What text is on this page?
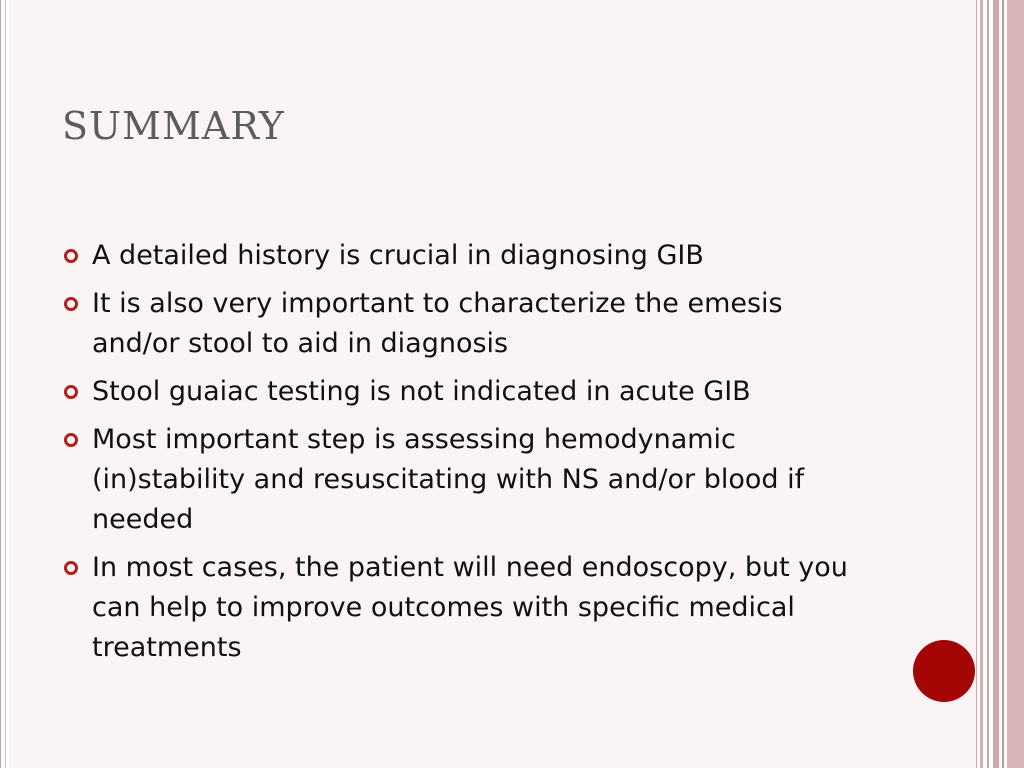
SUMMARY
A detailed history is crucial in diagnosing GIB
It is also very important to characterize the emesis and/or stool to aid in diagnosis
Stool guaiac testing is not indicated in acute GIB
Most important step is assessing hemodynamic (in)stability and resuscitating with NS and/or blood if needed
In most cases, the patient will need endoscopy, but you can help to improve outcomes with specific medical treatments
